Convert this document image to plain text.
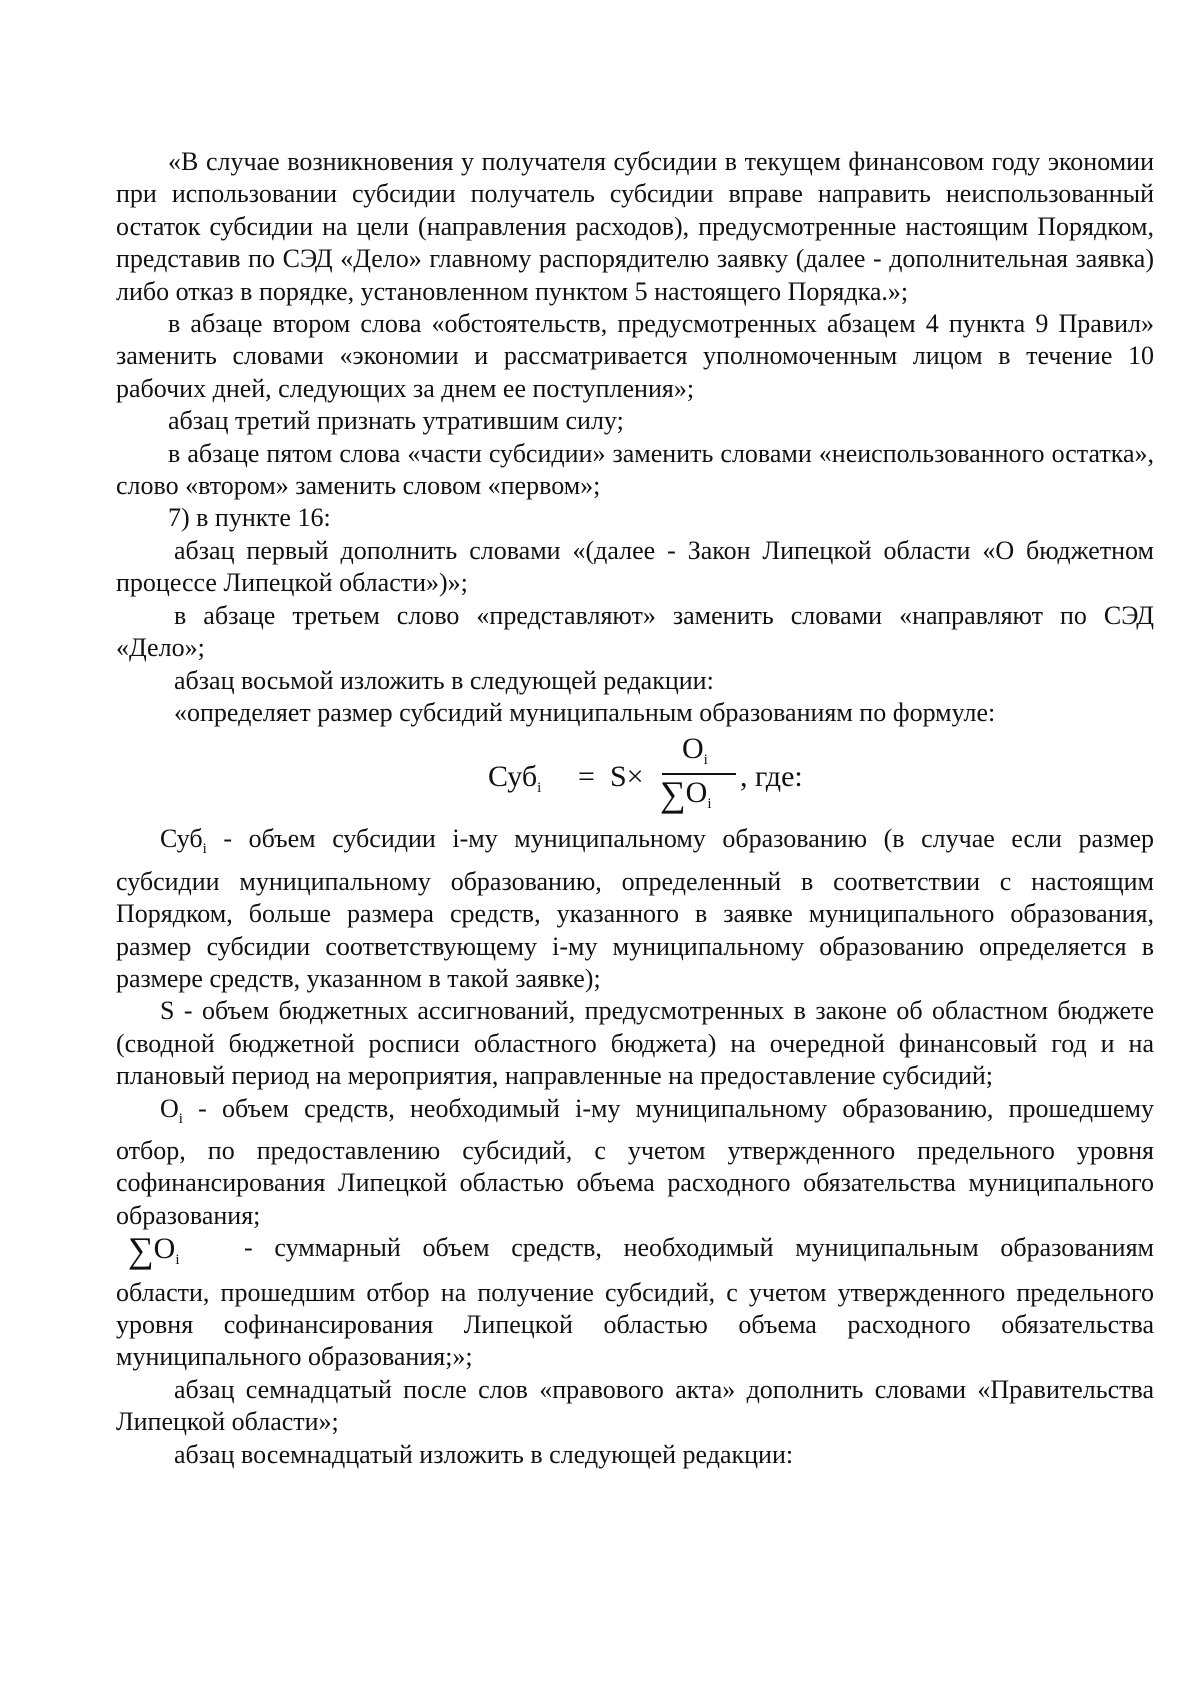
«В случае возникновения у получателя субсидии в текущем финансовом году экономии при использовании субсидии получатель субсидии вправе направить неиспользованный остаток субсидии на цели (направления расходов), предусмотренные настоящим Порядком, представив по СЭД «Дело» главному распорядителю заявку (далее - дополнительная заявка) либо отказ в порядке, установленном пунктом 5 настоящего Порядка.»;

в абзаце втором слова «обстоятельств, предусмотренных абзацем 4 пункта 9 Правил» заменить словами «экономии и рассматривается уполномоченным лицом в течение 10 рабочих дней, следующих за днем ее поступления»;

абзац третий признать утратившим силу;

в абзаце пятом слова «части субсидии» заменить словами «неиспользованного остатка», слово «втором» заменить словом «первом»;

7) в пункте 16:

абзац первый дополнить словами «(далее - Закон Липецкой области «О бюджетном процессе Липецкой области»)»;

в абзаце третьем слово «представляют» заменить словами «направляют по СЭД «Дело»;

абзац восьмой изложить в следующей редакции:

«определяет размер субсидий муниципальным образованиям по формуле:

Суб$_i$ = S×
$O_i$
$\sum O_i$
, где:

Суб$_i$ - объем субсидии i-му муниципальному образованию (в случае если размер субсидии муниципальному образованию, определенный в соответствии с настоящим Порядком, больше размера средств, указанного в заявке муниципального образования, размер субсидии соответствующему i-му муниципальному образованию определяется в размере средств, указанном в такой заявке);

S - объем бюджетных ассигнований, предусмотренных в законе об областном бюджете (сводной бюджетной росписи областного бюджета) на очередной финансовый год и на плановый период на мероприятия, направленные на предоставление субсидий;

$O_i$ - объем средств, необходимый i-му муниципальному образованию, прошедшему отбор, по предоставлению субсидий, с учетом утвержденного предельного уровня софинансирования Липецкой областью объема расходного обязательства муниципального образования;

$\sum O_i$ - суммарный объем средств, необходимый муниципальным образованиям области, прошедшим отбор на получение субсидий, с учетом утвержденного предельного уровня софинансирования Липецкой областью объема расходного обязательства муниципального образования;»;

абзац семнадцатый после слов «правового акта» дополнить словами «Правительства Липецкой области»;

абзац восемнадцатый изложить в следующей редакции:
